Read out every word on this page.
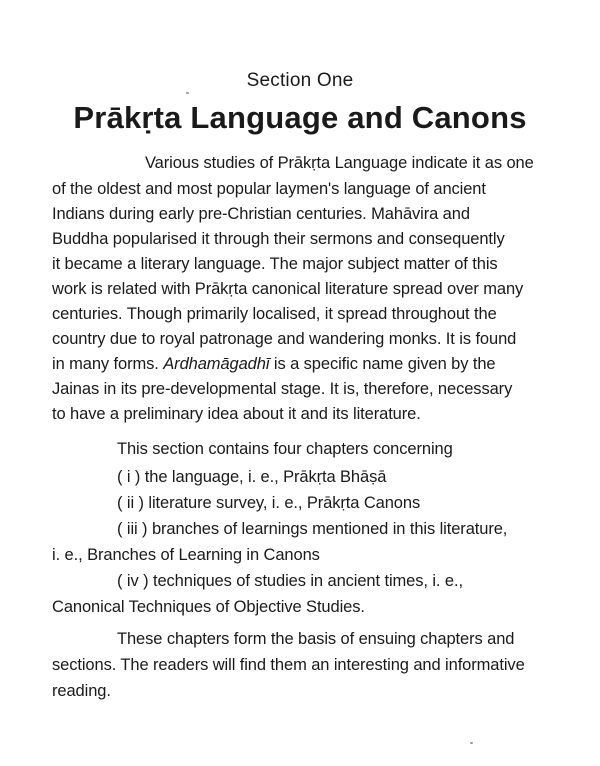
Section One
Prākṛta Language and Canons
Various studies of Prākṛta Language indicate it as one
of the oldest and most popular laymen's language of ancient
Indians during early pre-Christian centuries. Mahāvira and
Buddha popularised it through their sermons and consequently
it became a literary language. The major subject matter of this
work is related with Prākṛta canonical literature spread over many
centuries. Though primarily localised, it spread throughout the
country due to royal patronage and wandering monks. It is found
in many forms. Ardhamāgadhī is a specific name given by the
Jainas in its pre-developmental stage. It is, therefore, necessary
to have a preliminary idea about it and its literature.
This section contains four chapters concerning
( i ) the language, i. e., Prākṛta Bhāṣā
( ii ) literature survey, i. e., Prākṛta Canons
( iii ) branches of learnings mentioned in this literature,
i. e., Branches of Learning in Canons
( iv ) techniques of studies in ancient times, i. e.,
Canonical Techniques of Objective Studies.
These chapters form the basis of ensuing chapters and
sections. The readers will find them an interesting and informative
reading.
